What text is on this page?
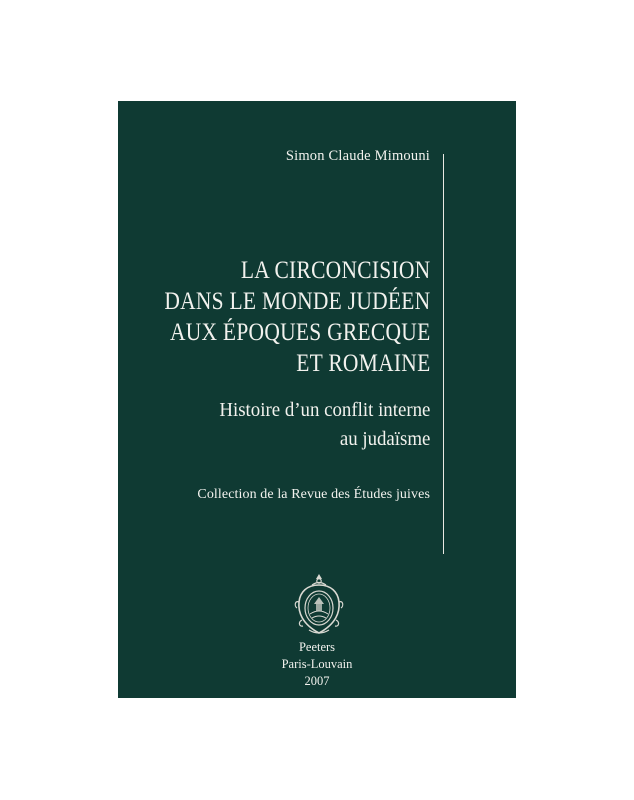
Simon Claude Mimouni
LA CIRCONCISION
DANS LE MONDE JUDÉEN
AUX ÉPOQUES GRECQUE
ET ROMAINE
Histoire d’un conflit interne
au judaïsme
Collection de la Revue des Études juives
Peeters
Paris-Louvain
2007
